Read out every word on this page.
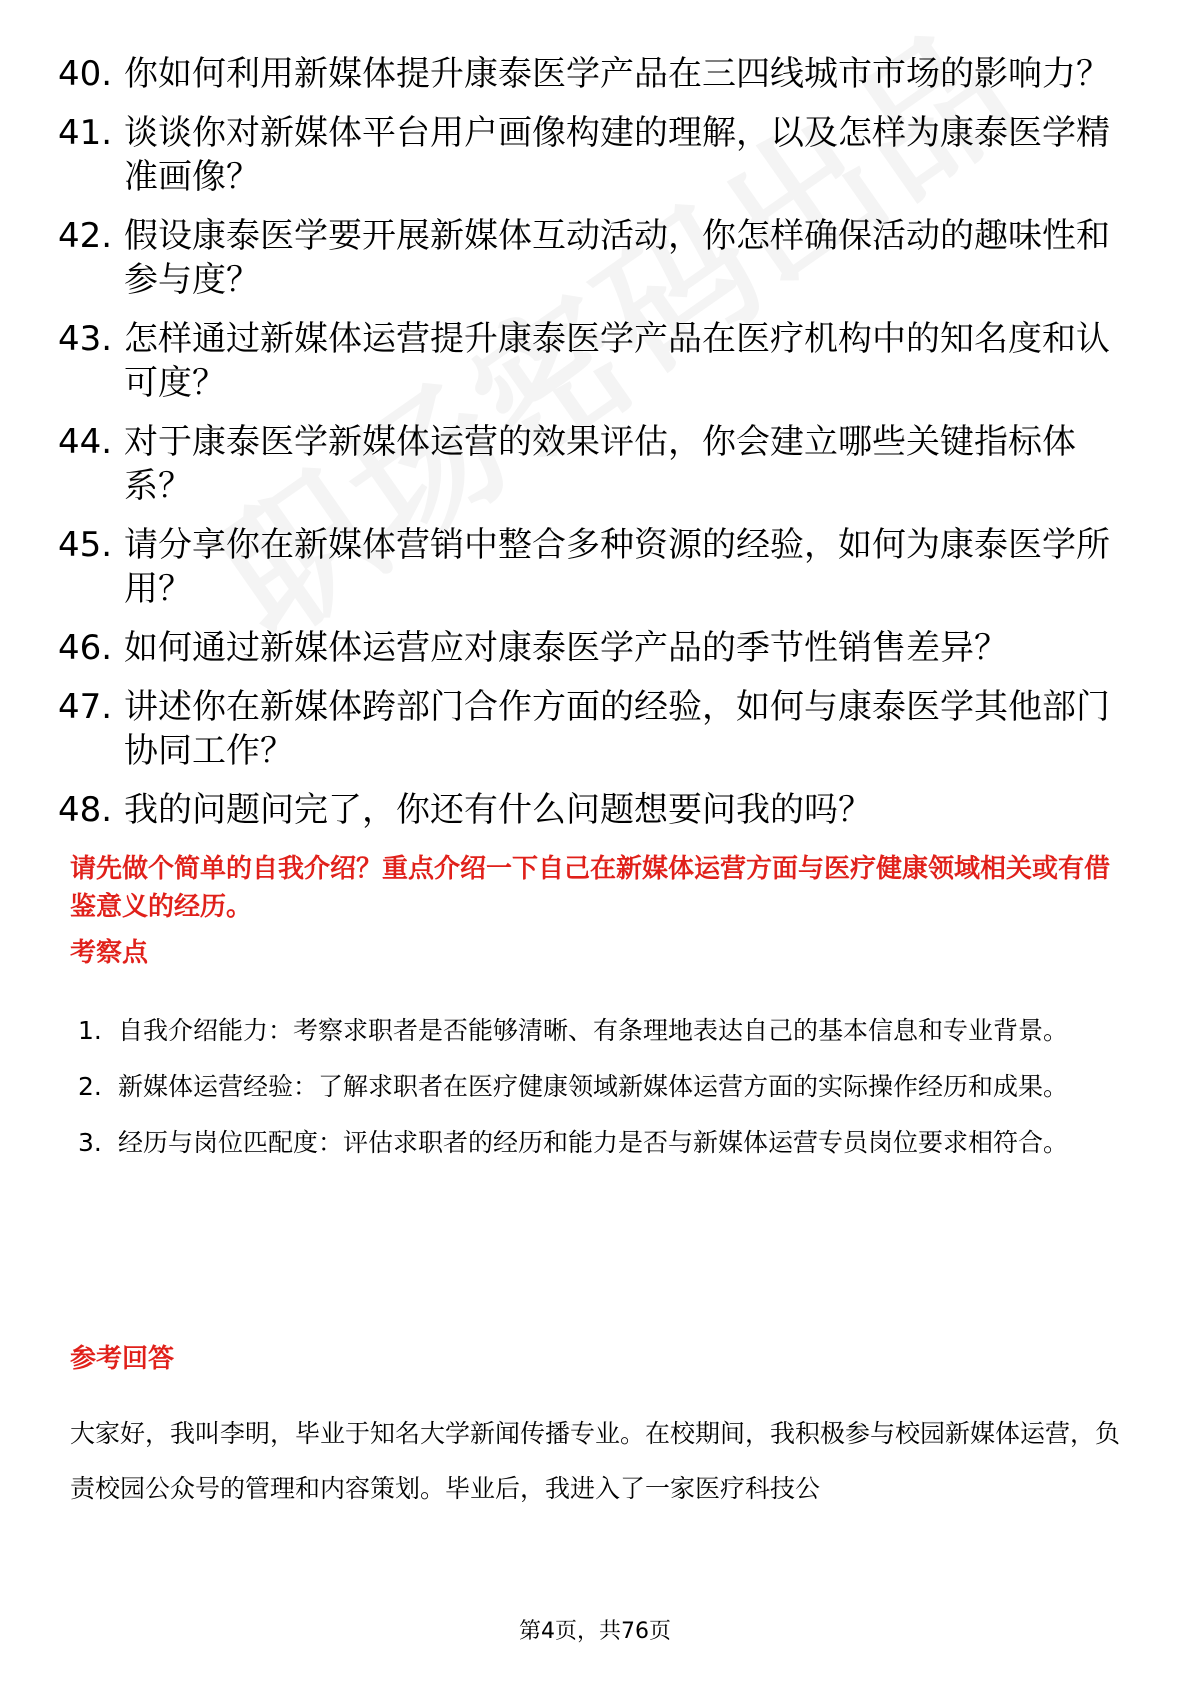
40. 你如何利用新媒体提升康泰医学产品在三四线城市市场的影响力？
41. 谈谈你对新媒体平台用户画像构建的理解，以及怎样为康泰医学精准画像？
42. 假设康泰医学要开展新媒体互动活动，你怎样确保活动的趣味性和参与度？
43. 怎样通过新媒体运营提升康泰医学产品在医疗机构中的知名度和认可度？
44. 对于康泰医学新媒体运营的效果评估，你会建立哪些关键指标体系？
45. 请分享你在新媒体营销中整合多种资源的经验，如何为康泰医学所用？
46. 如何通过新媒体运营应对康泰医学产品的季节性销售差异？
47. 讲述你在新媒体跨部门合作方面的经验，如何与康泰医学其他部门协同工作？
48. 我的问题问完了，你还有什么问题想要问我的吗？
请先做个简单的自我介绍？重点介绍一下自己在新媒体运营方面与医疗健康领域相关或有借鉴意义的经历。
考察点
1. 自我介绍能力：考察求职者是否能够清晰、有条理地表达自己的基本信息和专业背景。
2. 新媒体运营经验：了解求职者在医疗健康领域新媒体运营方面的实际操作经历和成果。
3. 经历与岗位匹配度：评估求职者的经历和能力是否与新媒体运营专员岗位要求相符合。
参考回答
大家好，我叫李明，毕业于知名大学新闻传播专业。在校期间，我积极参与校园新媒体运营，负责校园公众号的管理和内容策划。毕业后，我进入了一家医疗科技公
第4页，共76页
